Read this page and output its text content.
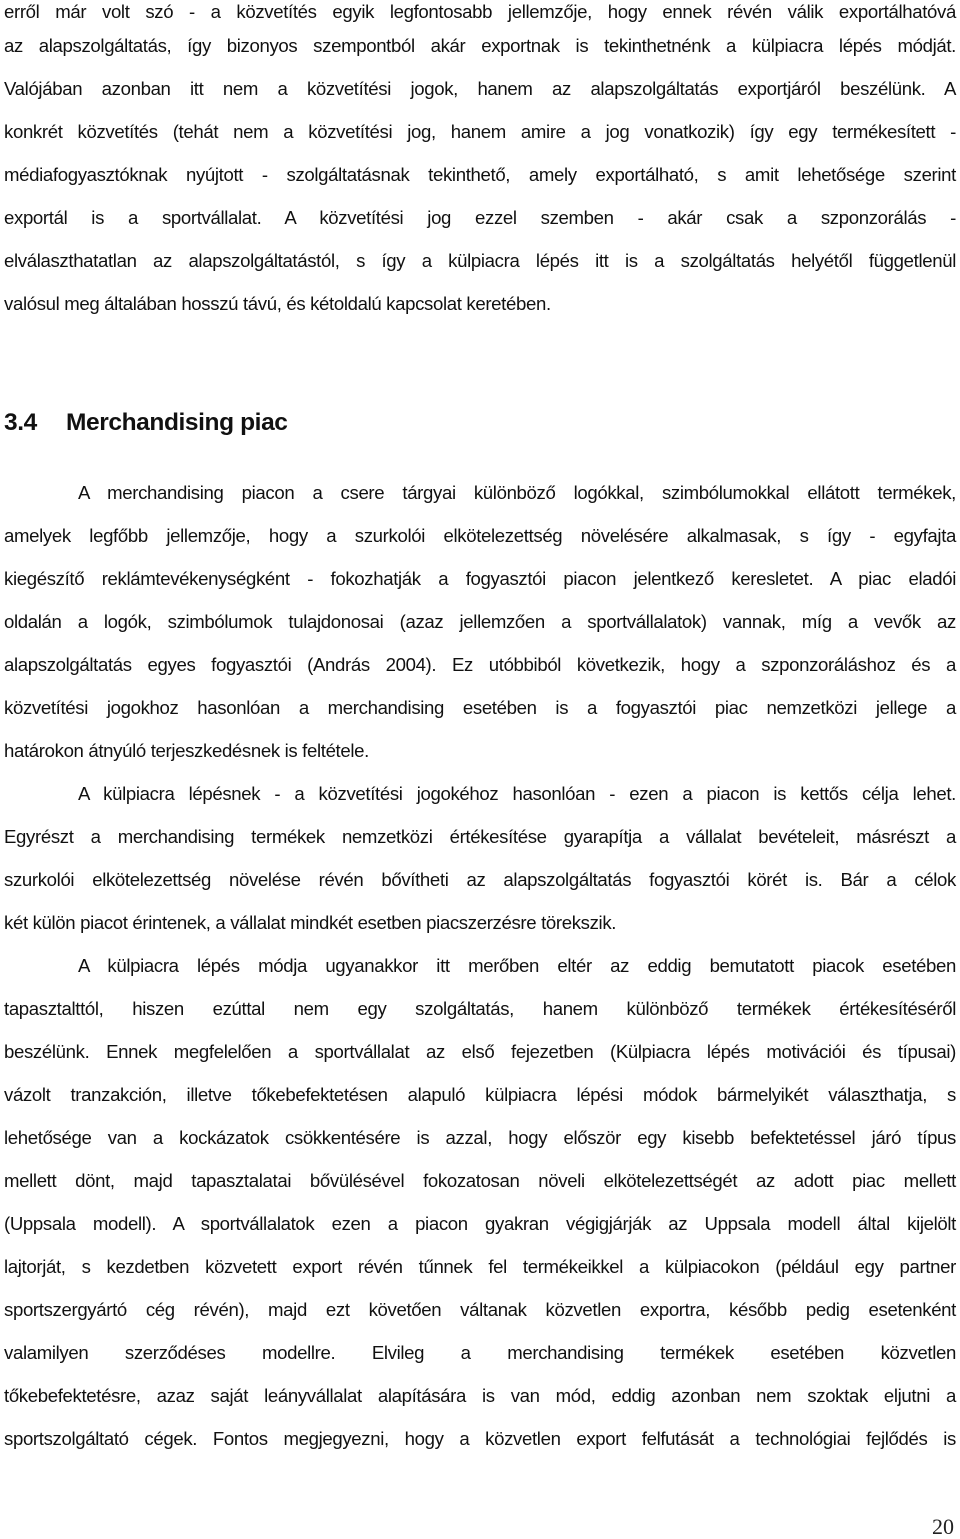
erről már volt szó - a közvetítés egyik legfontosabb jellemzője, hogy ennek révén válik exportálhatóvá
az alapszolgáltatás, így bizonyos szempontból akár exportnak is tekinthetnénk a külpiacra lépés módját.
Valójában azonban itt nem a közvetítési jogok, hanem az alapszolgáltatás exportjáról beszélünk. A
konkrét közvetítés (tehát nem a közvetítési jog, hanem amire a jog vonatkozik) így egy termékesített -
médiafogyasztóknak nyújtott - szolgáltatásnak tekinthető, amely exportálható, s amit lehetősége szerint
exportál is a sportvállalat. A közvetítési jog ezzel szemben - akár csak a szponzorálás -
elválaszthatatlan az alapszolgáltatástól, s így a külpiacra lépés itt is a szolgáltatás helyétől függetlenül
valósul meg általában hosszú távú, és kétoldalú kapcsolat keretében.
3.4 Merchandising piac
A merchandising piacon a csere tárgyai különböző logókkal, szimbólumokkal ellátott termékek,
amelyek legfőbb jellemzője, hogy a szurkolói elkötelezettség növelésére alkalmasak, s így - egyfajta
kiegészítő reklámtevékenységként - fokozhatják a fogyasztói piacon jelentkező keresletet. A piac eladói
oldalán a logók, szimbólumok tulajdonosai (azaz jellemzően a sportvállalatok) vannak, míg a vevők az
alapszolgáltatás egyes fogyasztói (András 2004). Ez utóbbiból következik, hogy a szponzoráláshoz és a
közvetítési jogokhoz hasonlóan a merchandising esetében is a fogyasztói piac nemzetközi jellege a
határokon átnyúló terjeszkedésnek is feltétele.
A külpiacra lépésnek - a közvetítési jogokéhoz hasonlóan - ezen a piacon is kettős célja lehet.
Egyrészt a merchandising termékek nemzetközi értékesítése gyarapítja a vállalat bevételeit, másrészt a
szurkolói elkötelezettség növelése révén bővítheti az alapszolgáltatás fogyasztói körét is. Bár a célok
két külön piacot érintenek, a vállalat mindkét esetben piacszerzésre törekszik.
A külpiacra lépés módja ugyanakkor itt merőben eltér az eddig bemutatott piacok esetében
tapasztalttól, hiszen ezúttal nem egy szolgáltatás, hanem különböző termékek értékesítéséről
beszélünk. Ennek megfelelően a sportvállalat az első fejezetben (Külpiacra lépés motivációi és típusai)
vázolt tranzakción, illetve tőkebefektetésen alapuló külpiacra lépési módok bármelyikét választhatja, s
lehetősége van a kockázatok csökkentésére is azzal, hogy először egy kisebb befektetéssel járó típus
mellett dönt, majd tapasztalatai bővülésével fokozatosan növeli elkötelezettségét az adott piac mellett
(Uppsala modell). A sportvállalatok ezen a piacon gyakran végigjárják az Uppsala modell által kijelölt
lajtorját, s kezdetben közvetett export révén tűnnek fel termékeikkel a külpiacokon (például egy partner
sportszergyártó cég révén), majd ezt követően váltanak közvetlen exportra, később pedig esetenként
valamilyen szerződéses modellre. Elvileg a merchandising termékek esetében közvetlen
tőkebefektetésre, azaz saját leányvállalat alapítására is van mód, eddig azonban nem szoktak eljutni a
sportszolgáltató cégek. Fontos megjegyezni, hogy a közvetlen export felfutását a technológiai fejlődés is
20
